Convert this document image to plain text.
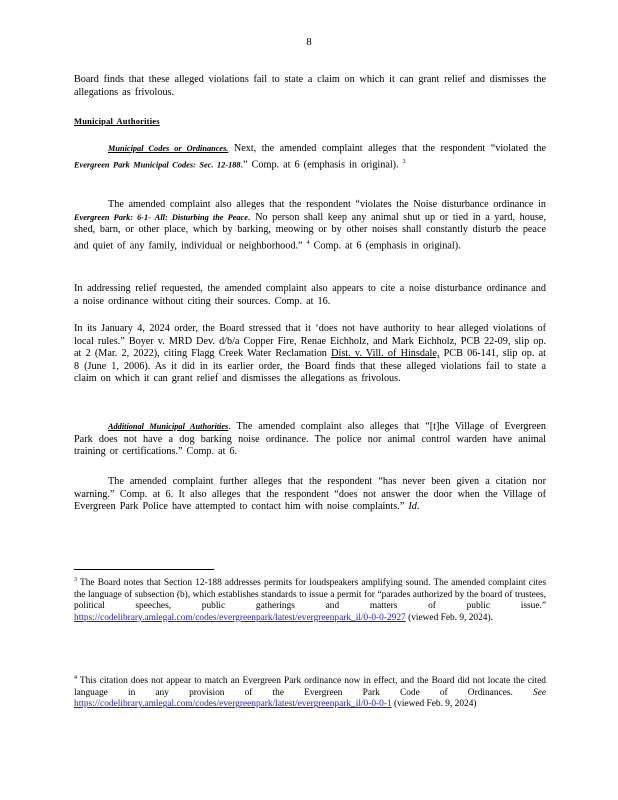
8
Board finds that these alleged violations fail to state a claim on which it can grant relief and dismisses the allegations as frivolous.
Municipal Authorities
Municipal Codes or Ordinances. Next, the amended complaint alleges that the respondent “violated the Evergreen Park Municipal Codes: Sec. 12-188.” Comp. at 6 (emphasis in original). $^3$
The amended complaint also alleges that the respondent “violates the Noise disturbance ordinance in Evergreen Park: 6-1- All: Disturbing the Peace. No person shall keep any animal shut up or tied in a yard, house, shed, barn, or other place, which by barking, meowing or by other noises shall constantly disturb the peace and quiet of any family, individual or neighborhood.” $^4$ Comp. at 6 (emphasis in original).
In addressing relief requested, the amended complaint also appears to cite a noise disturbance ordinance and a noise ordinance without citing their sources. Comp. at 16.
In its January 4, 2024 order, the Board stressed that it ‘does not have authority to hear alleged violations of local rules.” Boyer v. MRD Dev. d/b/a Copper Fire, Renae Eichholz, and Mark Eichholz, PCB 22-09, slip op. at 2 (Mar. 2, 2022), citing Flagg Creek Water Reclamation Dist. v. Vill. of Hinsdale, PCB 06-141, slip op. at 8 (June 1, 2006). As it did in its earlier order, the Board finds that these alleged violations fail to state a claim on which it can grant relief and dismisses the allegations as frivolous.
Additional Municipal Authorities. The amended complaint also alleges that “[t]he Village of Evergreen Park does not have a dog barking noise ordinance. The police nor animal control warden have animal training or certifications.” Comp. at 6.
The amended complaint further alleges that the respondent “has never been given a citation nor warning.” Comp. at 6. It also alleges that the respondent “does not answer the door when the Village of Evergreen Park Police have attempted to contact him with noise complaints.” Id.
$^3$ The Board notes that Section 12-188 addresses permits for loudspeakers amplifying sound. The amended complaint cites the language of subsection (b), which establishes standards to issue a permit for “parades authorized by the board of trustees, political speeches, public gatherings and matters of public issue.” https://codelibrary.amlegal.com/codes/evergreenpark/latest/evergreenpark_il/0-0-0-2927 (viewed Feb. 9, 2024).
$^4$ This citation does not appear to match an Evergreen Park ordinance now in effect, and the Board did not locate the cited language in any provision of the Evergreen Park Code of Ordinances. See https://codelibrary.amlegal.com/codes/evergreenpark/latest/evergreenpark_il/0-0-0-1 (viewed Feb. 9, 2024)
